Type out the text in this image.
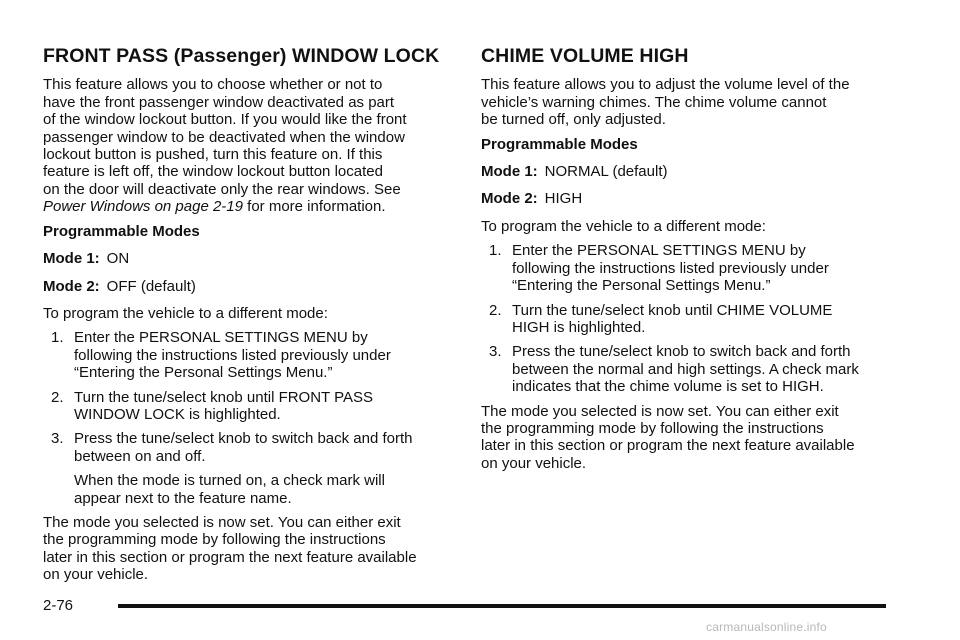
FRONT PASS (Passenger) WINDOW LOCK

This feature allows you to choose whether or not to
have the front passenger window deactivated as part
of the window lockout button. If you would like the front
passenger window to be deactivated when the window
lockout button is pushed, turn this feature on. If this
feature is left off, the window lockout button located
on the door will deactivate only the rear windows. See
Power Windows on page 2-19 for more information.

Programmable Modes

Mode 1: ON

Mode 2: OFF (default)

To program the vehicle to a different mode:

1. Enter the PERSONAL SETTINGS MENU by
following the instructions listed previously under
“Entering the Personal Settings Menu.”
2. Turn the tune/select knob until FRONT PASS
WINDOW LOCK is highlighted.
3. Press the tune/select knob to switch back and forth
between on and off.

When the mode is turned on, a check mark will
appear next to the feature name.

The mode you selected is now set. You can either exit
the programming mode by following the instructions
later in this section or program the next feature available
on your vehicle.

CHIME VOLUME HIGH

This feature allows you to adjust the volume level of the
vehicle’s warning chimes. The chime volume cannot
be turned off, only adjusted.

Programmable Modes

Mode 1: NORMAL (default)

Mode 2: HIGH

To program the vehicle to a different mode:

1. Enter the PERSONAL SETTINGS MENU by
following the instructions listed previously under
“Entering the Personal Settings Menu.”
2. Turn the tune/select knob until CHIME VOLUME
HIGH is highlighted.
3. Press the tune/select knob to switch back and forth
between the normal and high settings. A check mark
indicates that the chime volume is set to HIGH.

The mode you selected is now set. You can either exit
the programming mode by following the instructions
later in this section or program the next feature available
on your vehicle.

2-76
carmanualsonline.info
